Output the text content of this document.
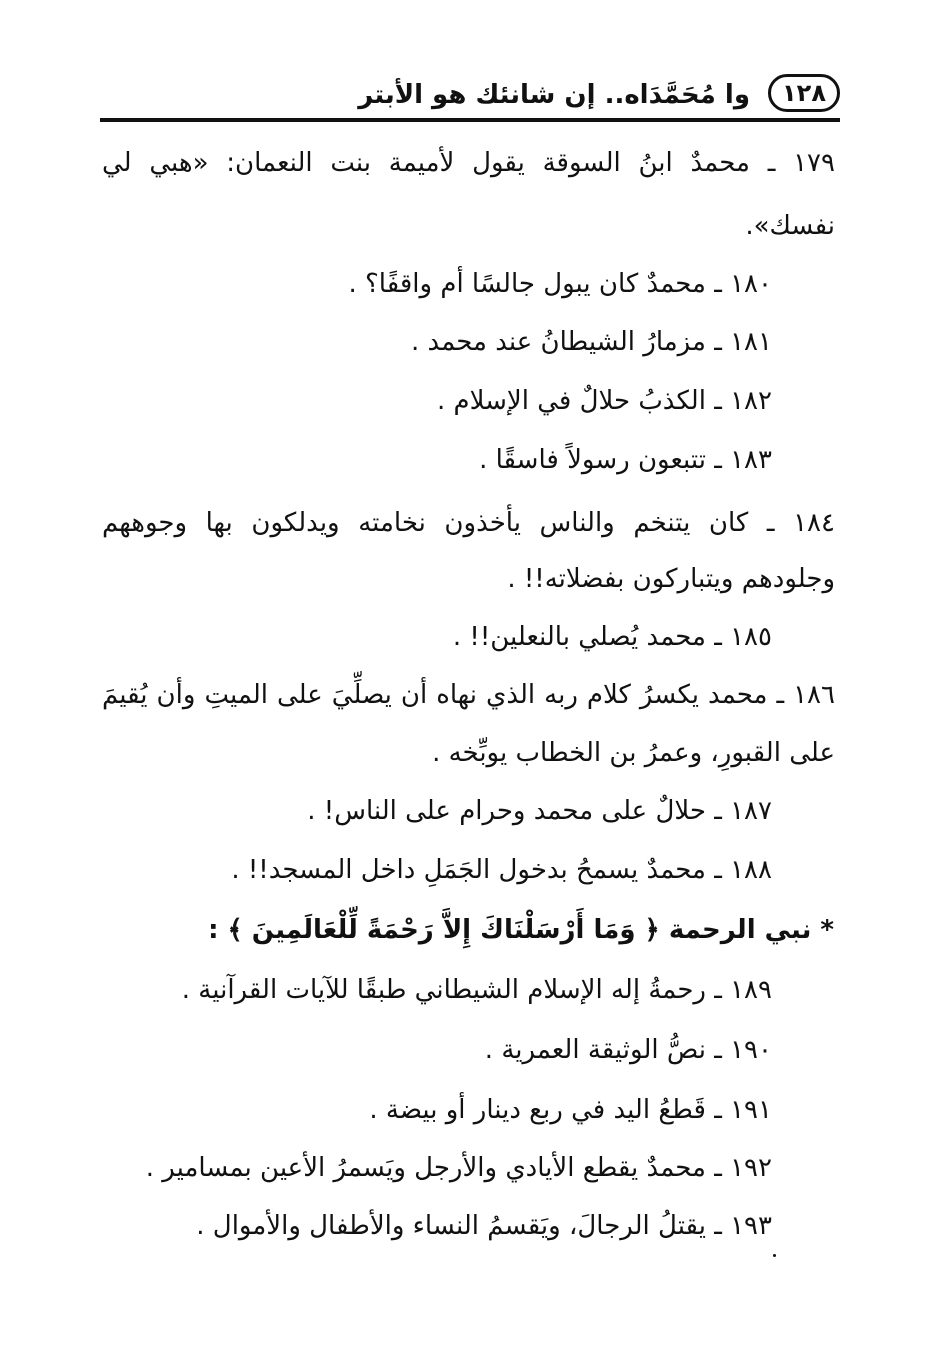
وا مُحَمَّدَاه.. إن شانئك هو الأبتر ١٢٨
١٧٩ ـ محمدٌ ابنُ السوقة يقول لأميمة بنت النعمان: «هبي لي
نفسك».
١٨٠ ـ محمدٌ كان يبول جالسًا أم واقفًا؟ .
١٨١ ـ مزمارُ الشيطانُ عند محمد .
١٨٢ ـ الكذبُ حلالٌ في الإسلام .
١٨٣ ـ تتبعون رسولاً فاسقًا .
١٨٤ ـ كان يتنخم والناس يأخذون نخامته ويدلكون بها وجوههم
وجلودهم ويتباركون بفضلاته!! .
١٨٥ ـ محمد يُصلي بالنعلين!! .
١٨٦ ـ محمد يكسرُ كلام ربه الذي نهاه أن يصلِّيَ على الميتِ وأن يُقيمَ
على القبورِ، وعمرُ بن الخطاب يوبِّخه .
١٨٧ ـ حلالٌ على محمد وحرام على الناس! .
١٨٨ ـ محمدٌ يسمحُ بدخول الجَمَلِ داخل المسجد!! .
* نبي الرحمة ﴿ وَمَا أَرْسَلْنَاكَ إِلاَّ رَحْمَةً لِّلْعَالَمِينَ ﴾ :
١٨٩ ـ رحمةُ إله الإسلام الشيطاني طبقًا للآيات القرآنية .
١٩٠ ـ نصُّ الوثيقة العمرية .
١٩١ ـ قَطعُ اليد في ربع دينار أو بيضة .
١٩٢ ـ محمدٌ يقطع الأيادي والأرجل ويَسمرُ الأعين بمسامير .
١٩٣ ـ يقتلُ الرجالَ، ويَقسمُ النساء والأطفال والأموال .
